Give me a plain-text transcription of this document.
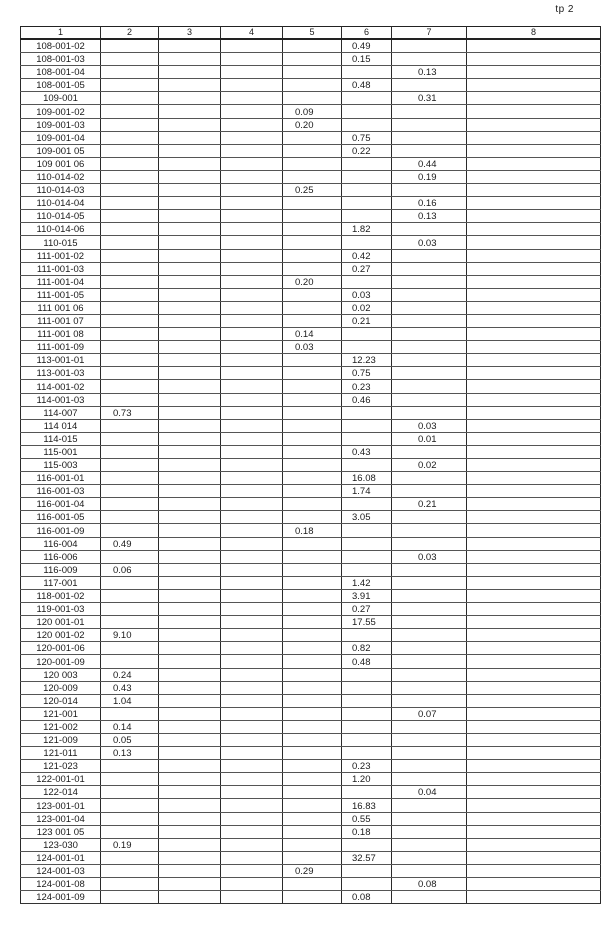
tp 2
1	2	3	4	5	6	7	8
108-001-02					0.49		
108-001-03					0.15		
108-001-04						0.13	
108-001-05					0.48		
109-001						0.31	
109-001-02				0.09			
109-001-03				0.20			
109-001-04					0.75		
109-001 05					0.22		
109 001 06						0.44	
110-014-02						0.19	
110-014-03				0.25			
110-014-04						0.16	
110-014-05						0.13	
110-014-06					1.82		
110-015						0.03	
111-001-02					0.42		
111-001-03					0.27		
111-001-04				0.20			
111-001-05					0.03		
111 001 06					0.02		
111-001 07					0.21		
111-001 08				0.14			
111-001-09				0.03			
113-001-01					12.23		
113-001-03					0.75		
114-001-02					0.23		
114-001-03					0.46		
114-007	0.73						
114 014						0.03	
114-015						0.01	
115-001					0.43		
115-003						0.02	
116-001-01					16.08		
116-001-03					1.74		
116-001-04						0.21	
116-001-05					3.05		
116-001-09				0.18			
116-004	0.49						
116-006						0.03	
116-009	0.06						
117-001					1.42		
118-001-02					3.91		
119-001-03					0.27		
120 001-01					17.55		
120 001-02	9.10						
120-001-06					0.82		
120-001-09					0.48		
120 003	0.24						
120-009	0.43						
120-014	1.04						
121-001						0.07	
121-002	0.14						
121-009	0.05						
121-011	0.13						
121-023					0.23		
122-001-01					1.20		
122-014						0.04	
123-001-01					16.83		
123-001-04					0.55		
123 001 05					0.18		
123-030	0.19						
124-001-01					32.57		
124-001-03				0.29			
124-001-08						0.08	
124-001-09					0.08		
